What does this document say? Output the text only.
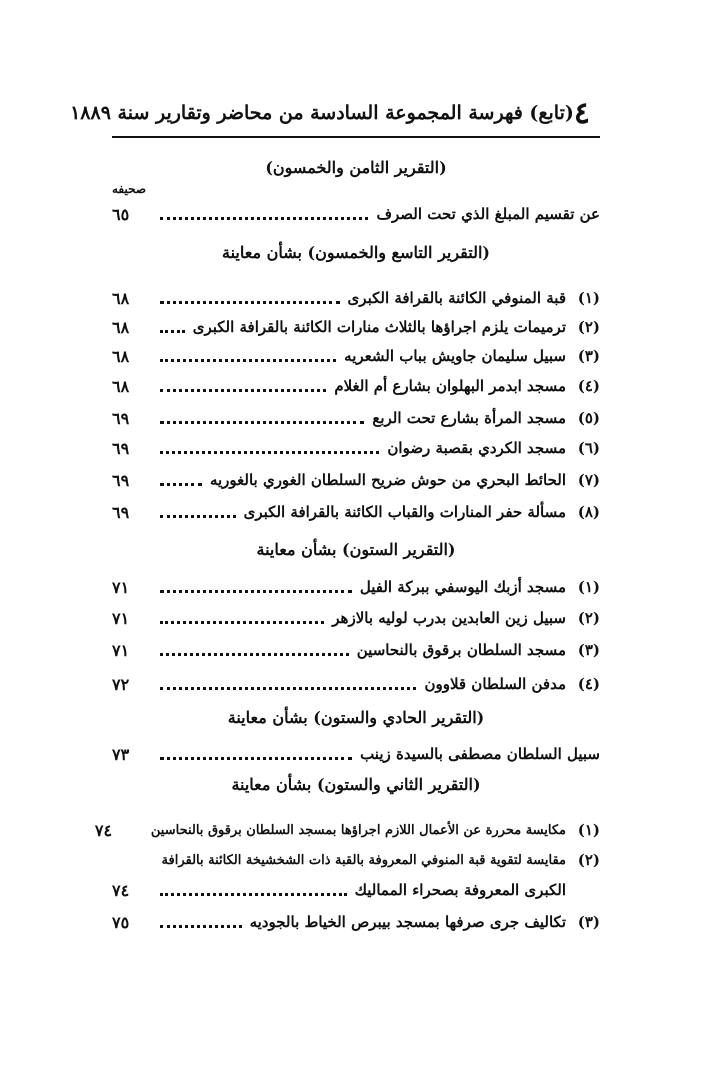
٤
(تابع) فهرسة المجموعة السادسة من محاضر وتقارير سنة ١٨٨٩
(التقرير الثامن والخمسون)
صحيفه
عن تقسيم المبلغ الذي تحت الصرف
٦٥
(التقرير التاسع والخمسون) بشأن معاينة
(١)
قبة المنوفي الكائنة بالقرافة الكبرى
٦٨
(٢)
ترميمات يلزم اجراؤها بالثلاث منارات الكائنة بالقرافة الكبرى
٦٨
(٣)
سبيل سليمان جاويش بباب الشعريه
٦٨
(٤)
مسجد ابدمر البهلوان بشارع أم الغلام
٦٨
(٥)
مسجد المرأة بشارع تحت الربع
٦٩
(٦)
مسجد الكردي بقصبة رضوان
٦٩
(٧)
الحائط البحري من حوش ضريح السلطان الغوري بالغوريه
٦٩
(٨)
مسألة حفر المنارات والقباب الكائنة بالقرافة الكبرى
٦٩
(التقرير الستون) بشأن معاينة
(١)
مسجد أزبك اليوسفي ببركة الفيل
٧١
(٢)
سبيل زين العابدين بدرب لوليه بالازهر
٧١
(٣)
مسجد السلطان برقوق بالنحاسين
٧١
(٤)
مدفن السلطان قلاوون
٧٢
(التقرير الحادي والستون) بشأن معاينة
سبيل السلطان مصطفى بالسيدة زينب
٧٣
(التقرير الثاني والستون) بشأن معاينة
(١)
مكايسة محررة عن الأعمال اللازم اجراؤها بمسجد السلطان برقوق بالنحاسين
٧٤
(٢)
مقايسة لتقوية قبة المنوفي المعروفة بالقبة ذات الشخشيخة الكائنة بالقرافة
الكبرى المعروفة بصحراء المماليك
٧٤
(٣)
تكاليف جرى صرفها بمسجد بيبرص الخياط بالجوديه
٧٥
